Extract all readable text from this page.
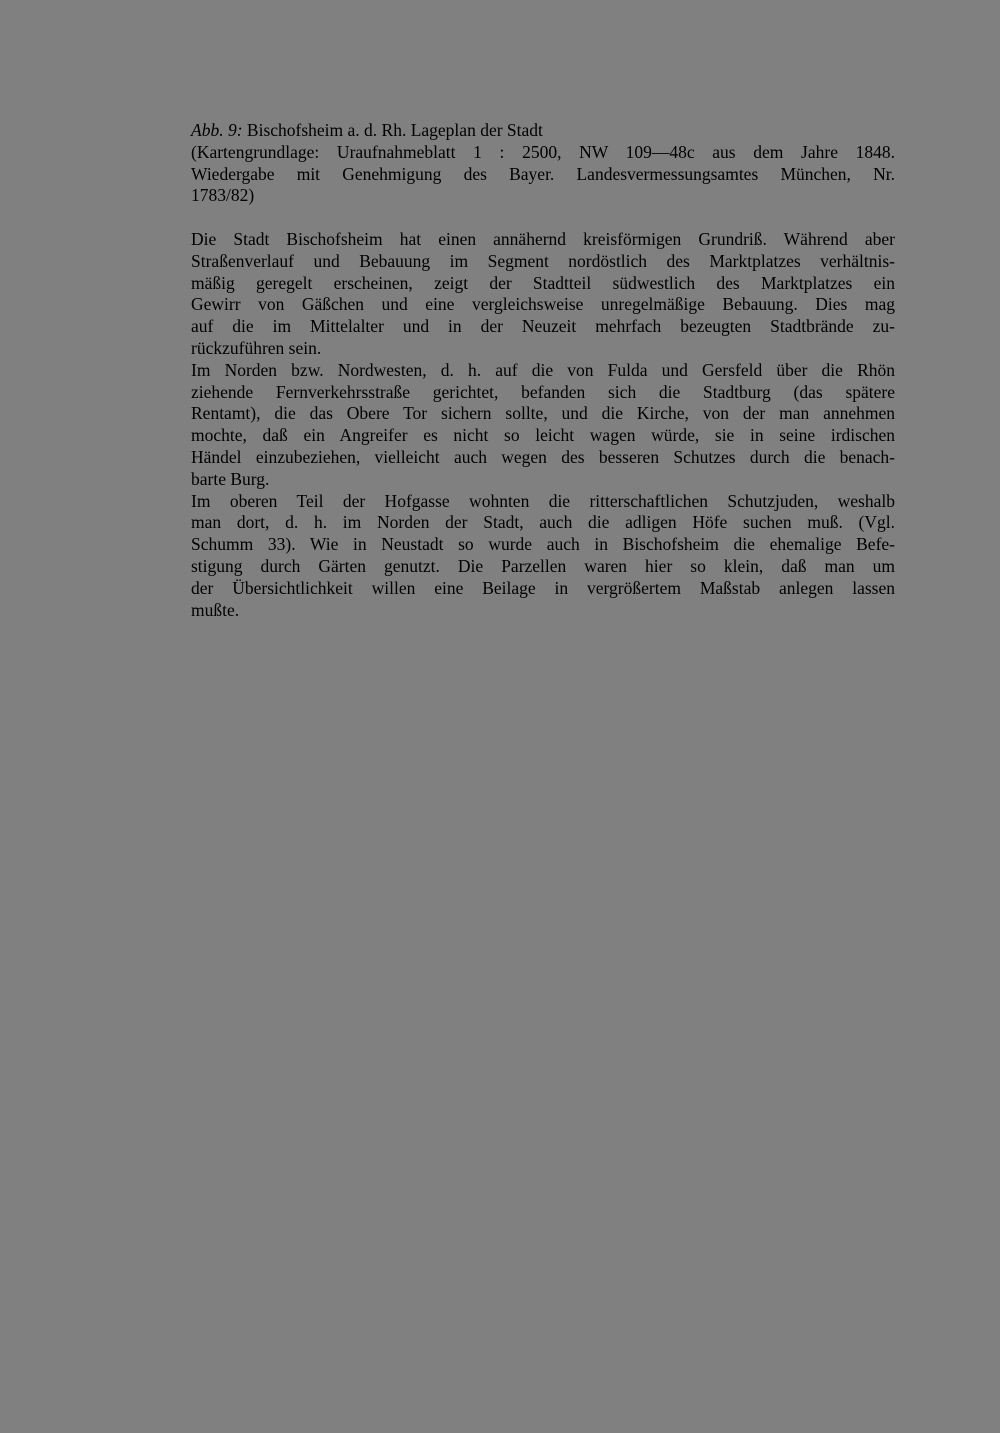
Abb. 9: Bischofsheim a. d. Rh. Lageplan der Stadt
(Kartengrundlage: Uraufnahmeblatt 1 : 2500, NW 109—48c aus dem Jahre 1848.
Wiedergabe mit Genehmigung des Bayer. Landesvermessungsamtes München, Nr.
1783/82)
Die Stadt Bischofsheim hat einen annähernd kreisförmigen Grundriß. Während aber
Straßenverlauf und Bebauung im Segment nordöstlich des Marktplatzes verhältnis-
mäßig geregelt erscheinen, zeigt der Stadtteil südwestlich des Marktplatzes ein
Gewirr von Gäßchen und eine vergleichsweise unregelmäßige Bebauung. Dies mag
auf die im Mittelalter und in der Neuzeit mehrfach bezeugten Stadtbrände zu-
rückzuführen sein.
Im Norden bzw. Nordwesten, d. h. auf die von Fulda und Gersfeld über die Rhön
ziehende Fernverkehrsstraße gerichtet, befanden sich die Stadtburg (das spätere
Rentamt), die das Obere Tor sichern sollte, und die Kirche, von der man annehmen
mochte, daß ein Angreifer es nicht so leicht wagen würde, sie in seine irdischen
Händel einzubeziehen, vielleicht auch wegen des besseren Schutzes durch die benach-
barte Burg.
Im oberen Teil der Hofgasse wohnten die ritterschaftlichen Schutzjuden, weshalb
man dort, d. h. im Norden der Stadt, auch die adligen Höfe suchen muß. (Vgl.
Schumm 33). Wie in Neustadt so wurde auch in Bischofsheim die ehemalige Befe-
stigung durch Gärten genutzt. Die Parzellen waren hier so klein, daß man um
der Übersichtlichkeit willen eine Beilage in vergrößertem Maßstab anlegen lassen
mußte.
